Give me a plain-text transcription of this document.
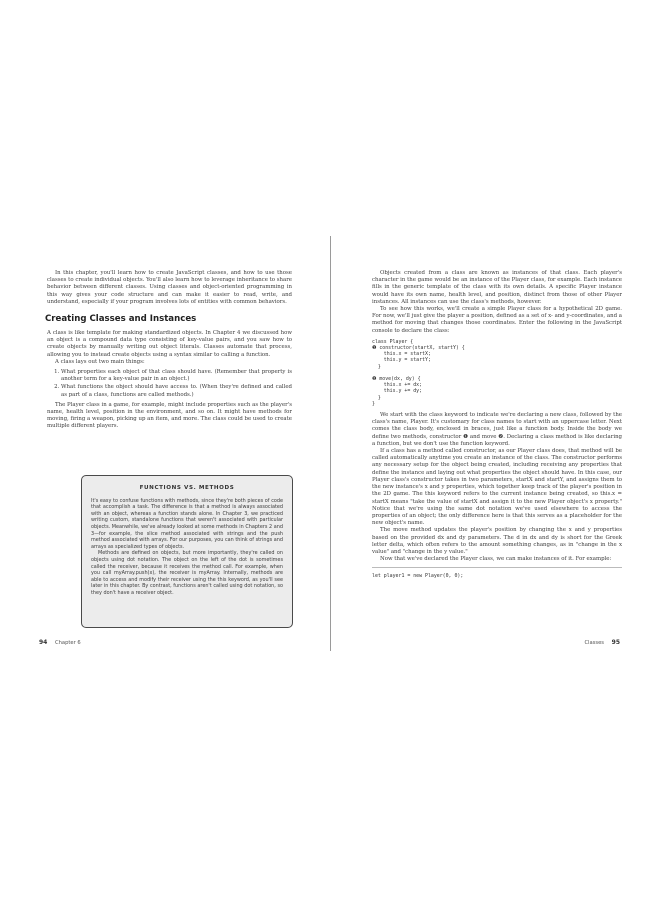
In this chapter, you'll learn how to create JavaScript classes, and how to use those classes to create individual objects. You'll also learn how to leverage inheritance to share behavior between different classes. Using classes and object-oriented programming in this way gives your code structure and can make it easier to read, write, and understand, especially if your program involves lots of entities with common behaviors.

Creating Classes and Instances

A class is like template for making standardized objects. In Chapter 4 we discussed how an object is a compound data type consisting of key-value pairs, and you saw how to create objects by manually writing out object literals. Classes automate that process, allowing you to instead create objects using a syntax similar to calling a function.

A class lays out two main things:

1. What properties each object of that class should have. (Remember that property is another term for a key-value pair in an object.)
2. What functions the object should have access to. (When they're defined and called as part of a class, functions are called methods.)

The Player class in a game, for example, might include properties such as the player's name, health level, position in the environment, and so on. It might have methods for moving, firing a weapon, picking up an item, and more. The class could be used to create multiple different players.

FUNCTIONS VS. METHODS

It's easy to confuse functions with methods, since they're both pieces of code that accomplish a task. The difference is that a method is always associated with an object, whereas a function stands alone. In Chapter 3, we practiced writing custom, standalone functions that weren't associated with particular objects. Meanwhile, we've already looked at some methods in Chapters 2 and 3—for example, the slice method associated with strings and the push method associated with arrays. For our purposes, you can think of strings and arrays as specialized types of objects.

Methods are defined on objects, but more importantly, they're called on objects using dot notation. The object on the left of the dot is sometimes called the receiver, because it receives the method call. For example, when you call myArray.push(x), the receiver is myArray. Internally, methods are able to access and modify their receiver using the this keyword, as you'll see later in this chapter. By contrast, functions aren't called using dot notation, so they don't have a receiver object.

94 Chapter 6

Objects created from a class are known as instances of that class. Each player's character in the game would be an instance of the Player class, for example. Each instance fills in the generic template of the class with its own details. A specific Player instance would have its own name, health level, and position, distinct from those of other Player instances. All instances can use the class's methods, however.

To see how this works, we'll create a simple Player class for a hypothetical 2D game. For now, we'll just give the player a position, defined as a set of x- and y-coordinates, and a method for moving that changes those coordinates. Enter the following in the JavaScript console to declare the class:

class Player {
❶ constructor(startX, startY) {
this.x = startX;
this.y = startY;
}

❷ move(dx, dy) {
this.x += dx;
this.y += dy;
}
}

We start with the class keyword to indicate we're declaring a new class, followed by the class's name, Player. It's customary for class names to start with an uppercase letter. Next comes the class body, enclosed in braces, just like a function body. Inside the body we define two methods, constructor ❶ and move ❷. Declaring a class method is like declaring a function, but we don't use the function keyword.

If a class has a method called constructor, as our Player class does, that method will be called automatically anytime you create an instance of the class. The constructor performs any necessary setup for the object being created, including receiving any properties that define the instance and laying out what properties the object should have. In this case, our Player class's constructor takes in two parameters, startX and startY, and assigns them to the new instance's x and y properties, which together keep track of the player's position in the 2D game. The this keyword refers to the current instance being created, so this.x = startX means "take the value of startX and assign it to the new Player object's x property." Notice that we're using the same dot notation we've used elsewhere to access the properties of an object; the only difference here is that this serves as a placeholder for the new object's name.

The move method updates the player's position by changing the x and y properties based on the provided dx and dy parameters. The d in dx and dy is short for the Greek letter delta, which often refers to the amount something changes, as in "change in the x value" and "change in the y value."

Now that we've declared the Player class, we can make instances of it. For example:

let player1 = new Player(0, 0);
Classes 95
